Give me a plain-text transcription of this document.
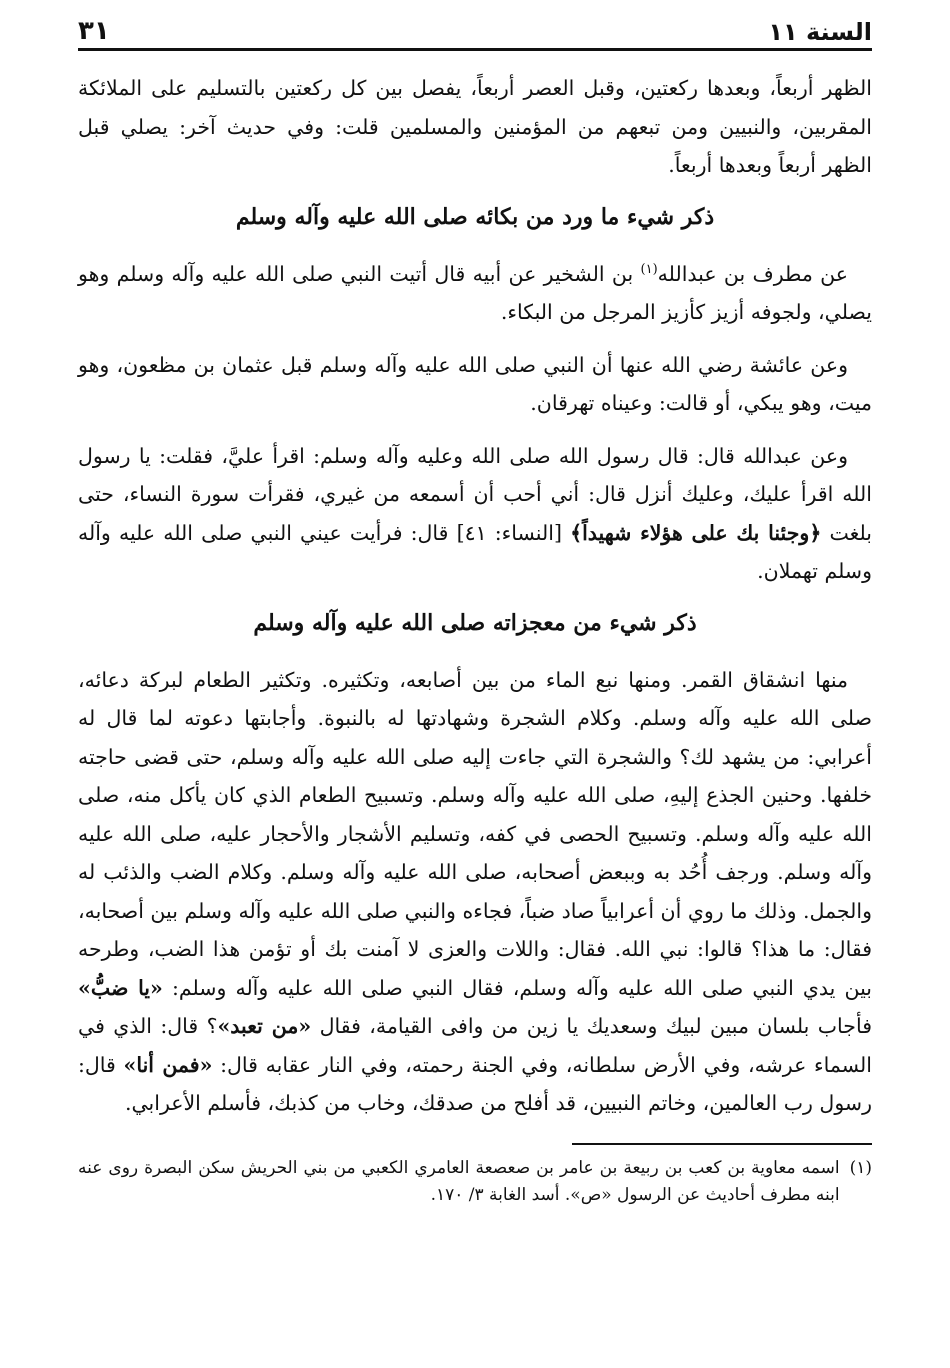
السنة ١١
٣١

الظهر أربعاً، وبعدها ركعتين، وقبل العصر أربعاً، يفصل بين كل ركعتين بالتسليم على الملائكة المقربين، والنبيين ومن تبعهم من المؤمنين والمسلمين قلت: وفي حديث آخر: يصلي قبل الظهر أربعاً وبعدها أربعاً.

ذكر شيء ما ورد من بكائه صلى الله عليه وآله وسلم

عن مطرف بن عبدالله$^{(١)}$ بن الشخير عن أبيه قال أتيت النبي صلى الله عليه وآله وسلم وهو يصلي، ولجوفه أزيز كأزيز المرجل من البكاء.

وعن عائشة رضي الله عنها أن النبي صلى الله عليه وآله وسلم قبل عثمان بن مظعون، وهو ميت، وهو يبكي، أو قالت: وعيناه تهرقان.

وعن عبدالله قال: قال رسول الله صلى الله وعليه وآله وسلم: اقرأ عليَّ، فقلت: يا رسول الله اقرأ عليك، وعليك أنزل قال: أني أحب أن أسمعه من غيري، فقرأت سورة النساء، حتى بلغت ﴿وجئنا بك على هؤلاء شهيداً﴾ [النساء: ٤١] قال: فرأيت عيني النبي صلى الله عليه وآله وسلم تهملان.

ذكر شيء من معجزاته صلى الله عليه وآله وسلم

منها انشقاق القمر. ومنها نبع الماء من بين أصابعه، وتكثيره. وتكثير الطعام لبركة دعائه، صلى الله عليه وآله وسلم. وكلام الشجرة وشهادتها له بالنبوة. وأجابتها دعوته لما قال له أعرابي: من يشهد لك؟ والشجرة التي جاءت إليه صلى الله عليه وآله وسلم، حتى قضى حاجته خلفها. وحنين الجذع إليهِ، صلى الله عليه وآله وسلم. وتسبيح الطعام الذي كان يأكل منه، صلى الله عليه وآله وسلم. وتسبيح الحصى في كفه، وتسليم الأشجار والأحجار عليه، صلى الله عليه وآله وسلم. ورجف أُحُد به وببعض أصحابه، صلى الله عليه وآله وسلم. وكلام الضب والذئب له والجمل. وذلك ما روي أن أعرابياً صاد ضباً، فجاءه والنبي صلى الله عليه وآله وسلم بين أصحابه، فقال: ما هذا؟ قالوا: نبي الله. فقال: واللات والعزى لا آمنت بك أو تؤمن هذا الضب، وطرحه بين يدي النبي صلى الله عليه وآله وسلم، فقال النبي صلى الله عليه وآله وسلم: «يا ضبُّ» فأجاب بلسان مبين لبيك وسعديك يا زين من وافى القيامة، فقال «من تعبد»؟ قال: الذي في السماء عرشه، وفي الأرض سلطانه، وفي الجنة رحمته، وفي النار عقابه قال: «فمن أنا» قال: رسول رب العالمين، وخاتم النبيين، قد أفلح من صدقك، وخاب من كذبك، فأسلم الأعرابي.

(١)
اسمه معاوية بن كعب بن ربيعة بن عامر بن صعصعة العامري الكعبي من بني الحريش سكن البصرة روى عنه ابنه مطرف أحاديث عن الرسول «ص». أسد الغابة ٣/ ١٧٠.
